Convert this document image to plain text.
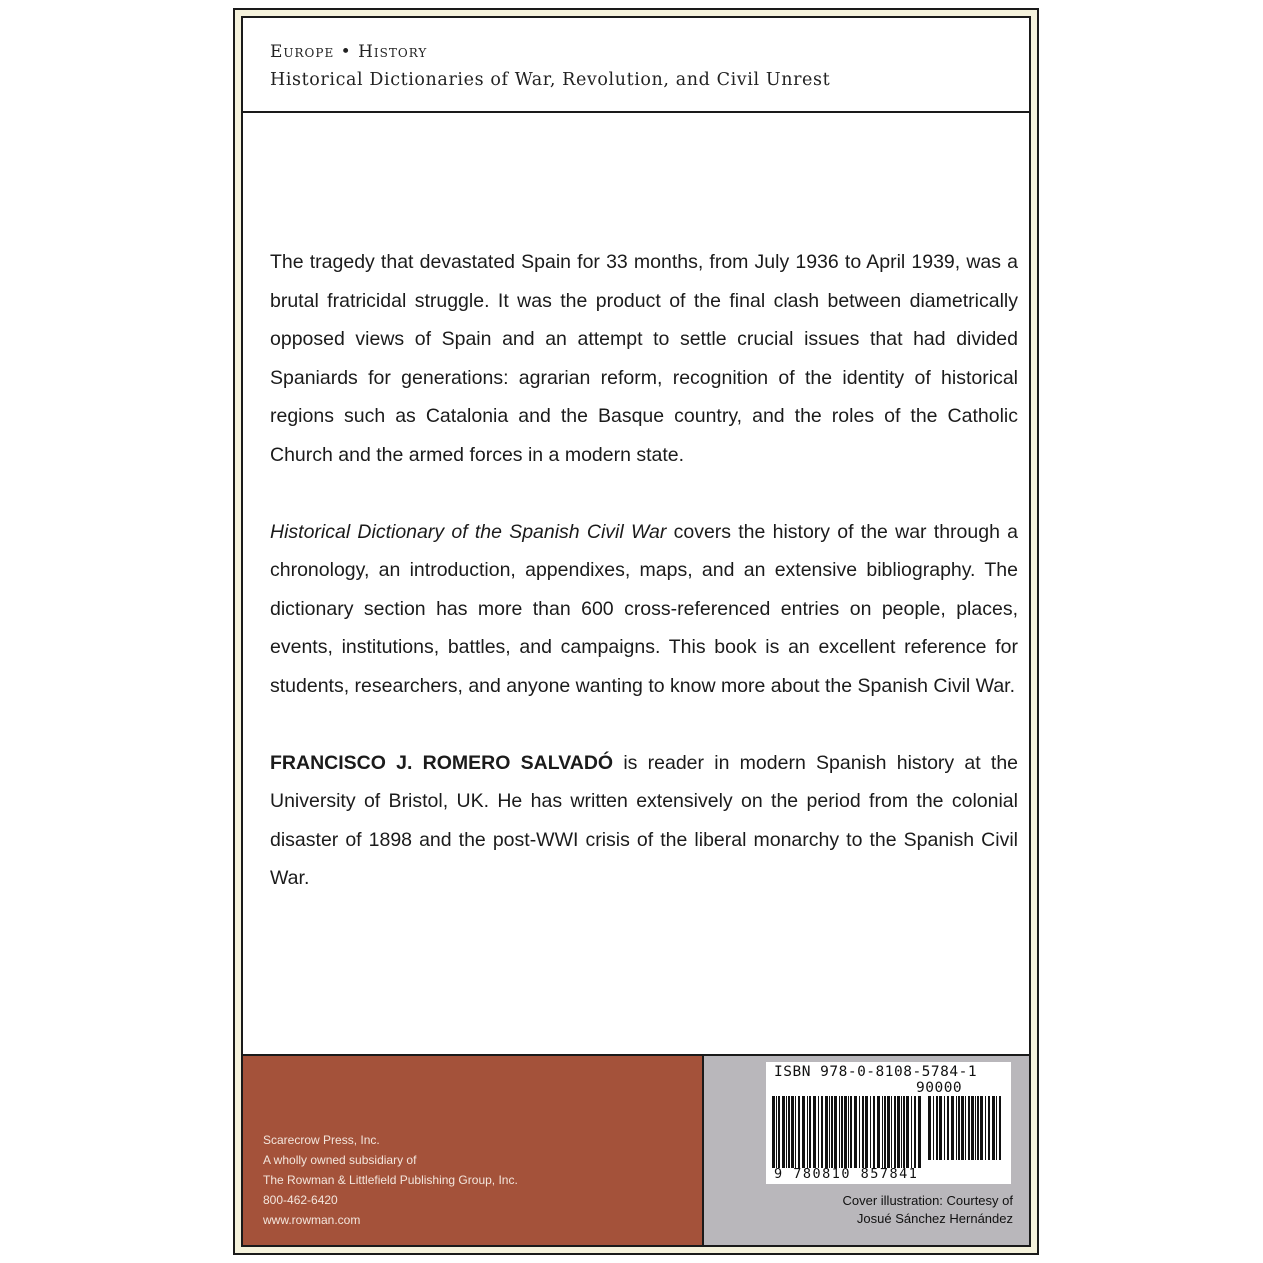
Europe • History
Historical Dictionaries of War, Revolution, and Civil Unrest

The tragedy that devastated Spain for 33 months, from July 1936 to April 1939, was a brutal fratricidal struggle. It was the product of the final clash between diametrically opposed views of Spain and an attempt to settle crucial issues that had divided Spaniards for generations: agrarian reform, recognition of the identity of historical regions such as Catalonia and the Basque country, and the roles of the Catholic Church and the armed forces in a modern state.

Historical Dictionary of the Spanish Civil War covers the history of the war through a chronology, an introduction, appendixes, maps, and an extensive bibliography. The dictionary section has more than 600 cross-referenced entries on people, places, events, institutions, battles, and campaigns. This book is an excellent reference for students, researchers, and anyone wanting to know more about the Spanish Civil War.

FRANCISCO J. ROMERO SALVADÓ is reader in modern Spanish history at the University of Bristol, UK. He has written extensively on the period from the colonial disaster of 1898 and the post-WWI crisis of the liberal monarchy to the Spanish Civil War.

Scarecrow Press, Inc.
A wholly owned subsidiary of
The Rowman & Littlefield Publishing Group, Inc.
800-462-6420
www.rowman.com
ISBN 978-0-8108-5784-1
90000
9 780810 857841
Cover illustration: Courtesy of
Josué Sánchez Hernández
